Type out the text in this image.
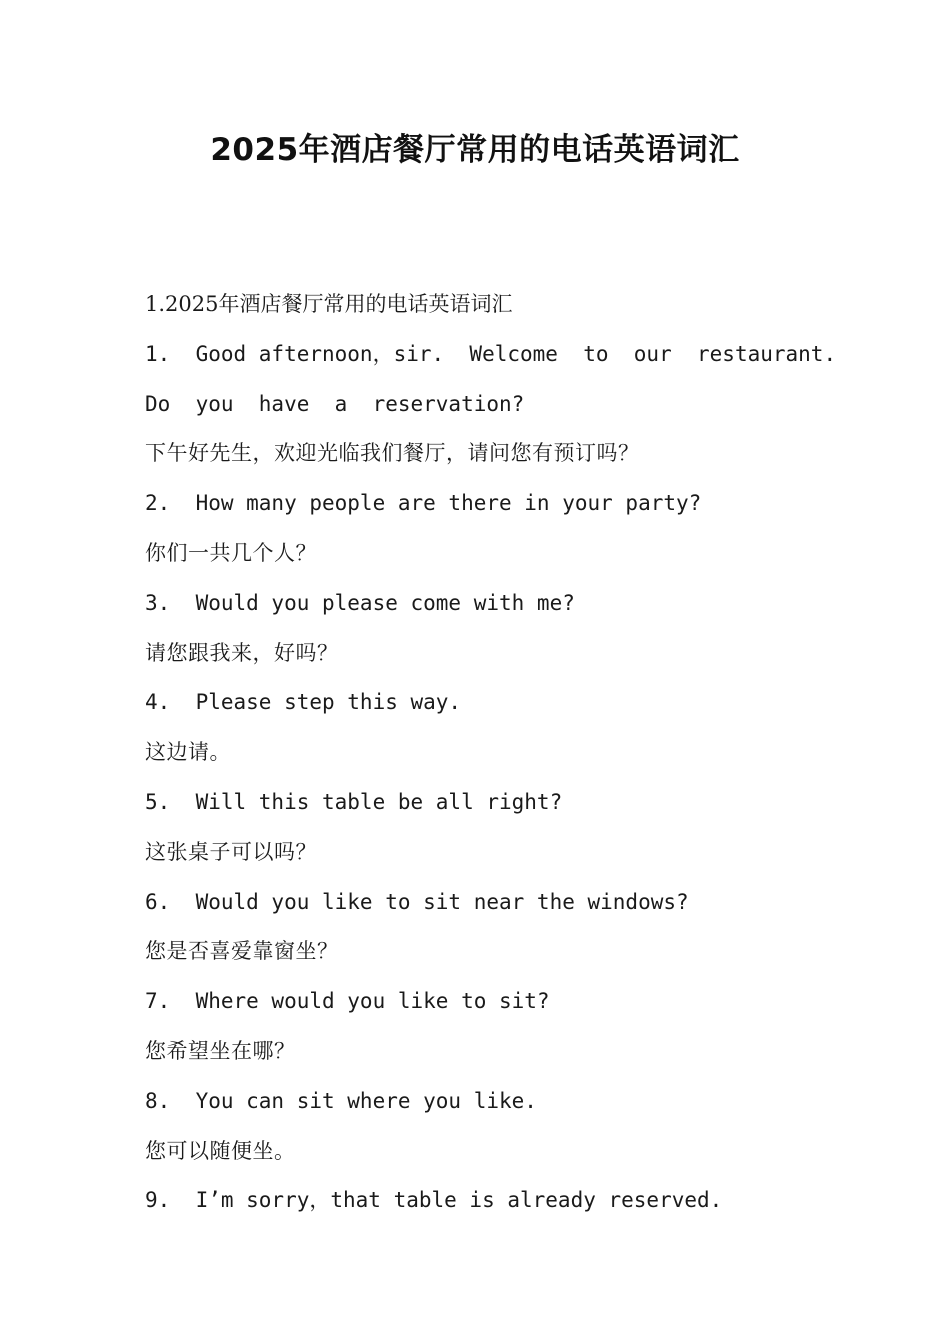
2025年酒店餐厅常用的电话英语词汇
1.2025年酒店餐厅常用的电话英语词汇
1.  Good afternoon，sir.  Welcome  to  our  restaurant.
Do  you  have  a  reservation?
下午好先生，欢迎光临我们餐厅，请问您有预订吗？
2.  How many people are there in your party?
你们一共几个人？
3.  Would you please come with me?
请您跟我来，好吗？
4.  Please step this way.
这边请。
5.  Will this table be all right?
这张桌子可以吗？
6.  Would you like to sit near the windows?
您是否喜爱靠窗坐？
7.  Where would you like to sit?
您希望坐在哪？
8.  You can sit where you like.
您可以随便坐。
9.  I’m sorry，that table is already reserved.
